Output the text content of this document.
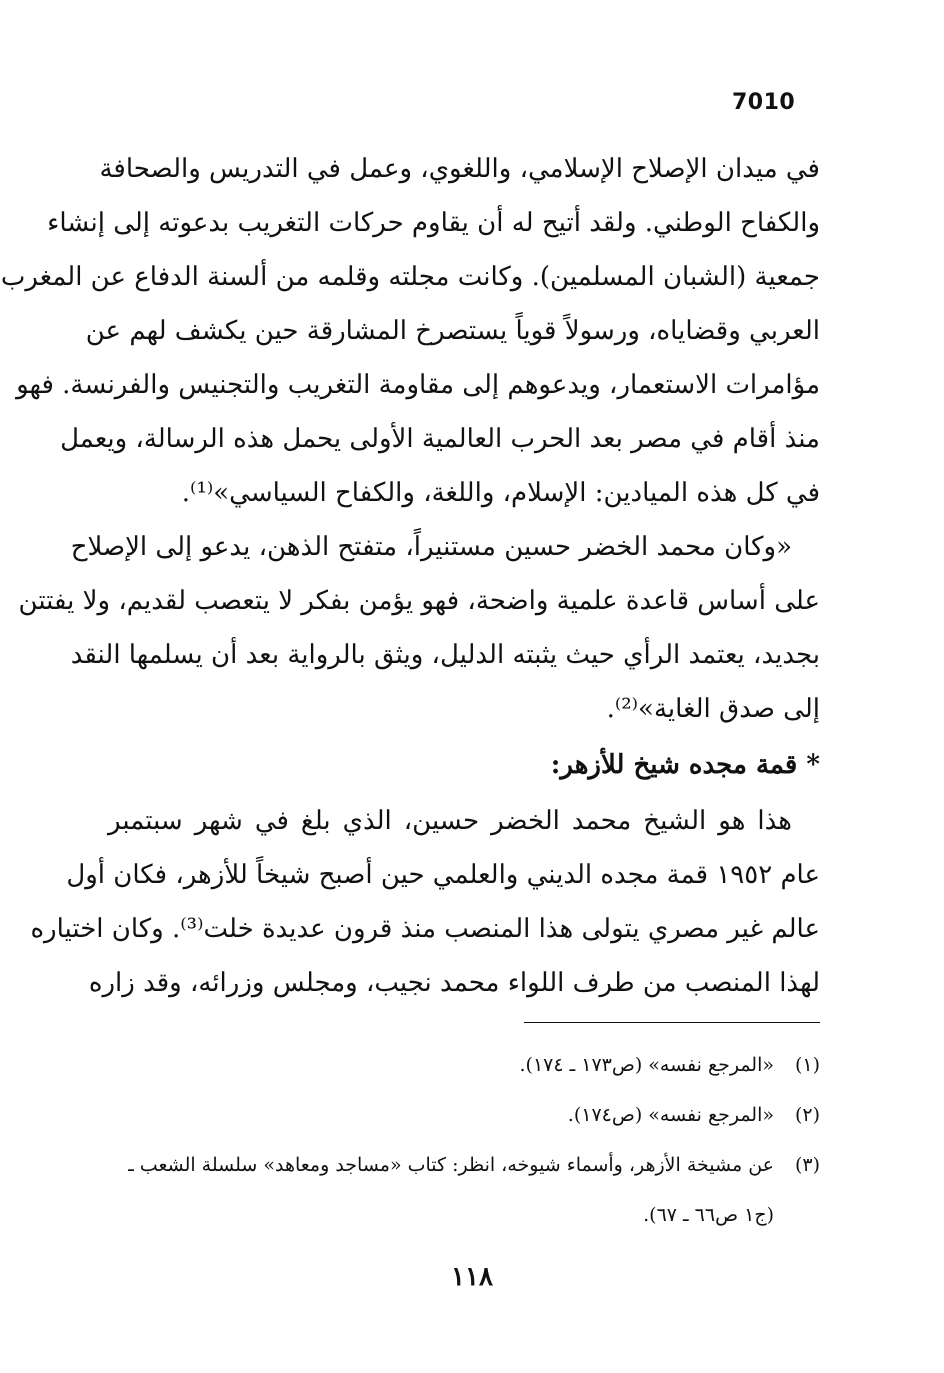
7010
في ميدان الإصلاح الإسلامي، واللغوي، وعمل في التدريس والصحافة
والكفاح الوطني. ولقد أتيح له أن يقاوم حركات التغريب بدعوته إلى إنشاء
جمعية (الشبان المسلمين). وكانت مجلته وقلمه من ألسنة الدفاع عن المغرب
العربي وقضاياه، ورسولاً قوياً يستصرخ المشارقة حين يكشف لهم عن
مؤامرات الاستعمار، ويدعوهم إلى مقاومة التغريب والتجنيس والفرنسة. فهو
منذ أقام في مصر بعد الحرب العالمية الأولى يحمل هذه الرسالة، ويعمل
في كل هذه الميادين: الإسلام، واللغة، والكفاح السياسي»⁽¹⁾.
«وكان محمد الخضر حسين مستنيراً، متفتح الذهن، يدعو إلى الإصلاح
على أساس قاعدة علمية واضحة، فهو يؤمن بفكر لا يتعصب لقديم، ولا يفتتن
بجديد، يعتمد الرأي حيث يثبته الدليل، ويثق بالرواية بعد أن يسلمها النقد
إلى صدق الغاية»⁽²⁾.
* قمة مجده شيخ للأزهر:
هذا هو الشيخ محمد الخضر حسين، الذي بلغ في شهر سبتمبر
عام ١٩٥٢ قمة مجده الديني والعلمي حين أصبح شيخاً للأزهر، فكان أول
عالم غير مصري يتولى هذا المنصب منذ قرون عديدة خلت⁽³⁾. وكان اختياره
لهذا المنصب من طرف اللواء محمد نجيب، ومجلس وزرائه، وقد زاره
(١)
«المرجع نفسه» (ص١٧٣ ـ ١٧٤).
(٢)
«المرجع نفسه» (ص١٧٤).
(٣)
عن مشيخة الأزهر، وأسماء شيوخه، انظر: كتاب «مساجد ومعاهد» سلسلة الشعب ـ
(ج١ ص٦٦ ـ ٦٧).
١١٨
